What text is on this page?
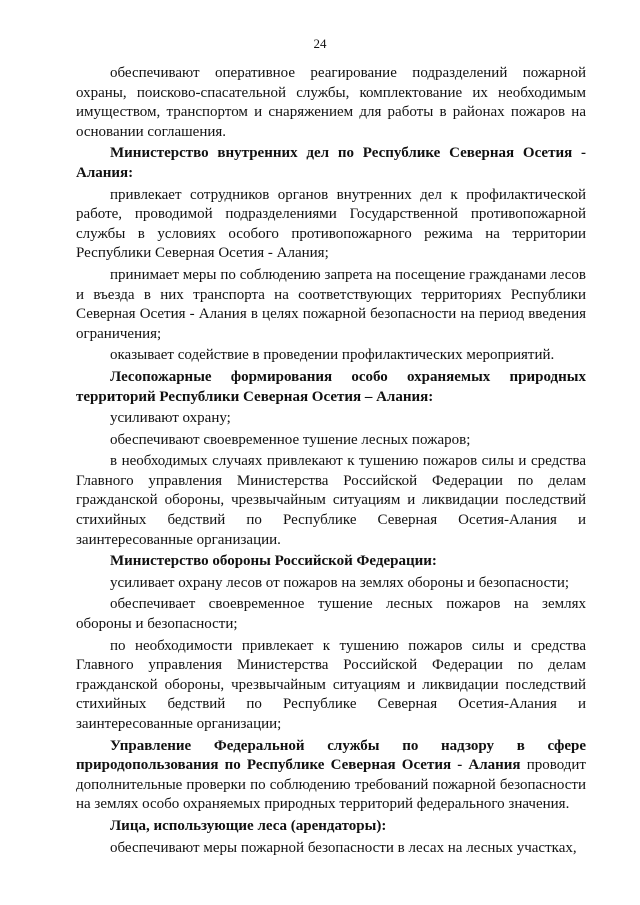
24

обеспечивают оперативное реагирование подразделений пожарной охраны, поисково-спасательной службы, комплектование их необходимым имуществом, транспортом и снаряжением для работы в районах пожаров на основании соглашения.

Министерство внутренних дел по Республике Северная Осетия - Алания:

привлекает сотрудников органов внутренних дел к профилактической работе, проводимой подразделениями Государственной противопожарной службы в условиях особого противопожарного режима на территории Республики Северная Осетия - Алания;

принимает меры по соблюдению запрета на посещение гражданами лесов и въезда в них транспорта на соответствующих территориях Республики Северная Осетия - Алания в целях пожарной безопасности на период введения ограничения;

оказывает содействие в проведении профилактических мероприятий.

Лесопожарные формирования особо охраняемых природных территорий Республики Северная Осетия – Алания:

усиливают охрану;

обеспечивают своевременное тушение лесных пожаров;

в необходимых случаях привлекают к тушению пожаров силы и средства Главного управления Министерства Российской Федерации по делам гражданской обороны, чрезвычайным ситуациям и ликвидации последствий стихийных бедствий по Республике Северная Осетия-Алания и заинтересованные организации.

Министерство обороны Российской Федерации:

усиливает охрану лесов от пожаров на землях обороны и безопасности;

обеспечивает своевременное тушение лесных пожаров на землях обороны и безопасности;

по необходимости привлекает к тушению пожаров силы и средства Главного управления Министерства Российской Федерации по делам гражданской обороны, чрезвычайным ситуациям и ликвидации последствий стихийных бедствий по Республике Северная Осетия-Алания и заинтересованные организации;

Управление Федеральной службы по надзору в сфере природопользования по Республике Северная Осетия - Алания проводит дополнительные проверки по соблюдению требований пожарной безопасности на землях особо охраняемых природных территорий федерального значения.

Лица, использующие леса (арендаторы):

обеспечивают меры пожарной безопасности в лесах на лесных участках,
